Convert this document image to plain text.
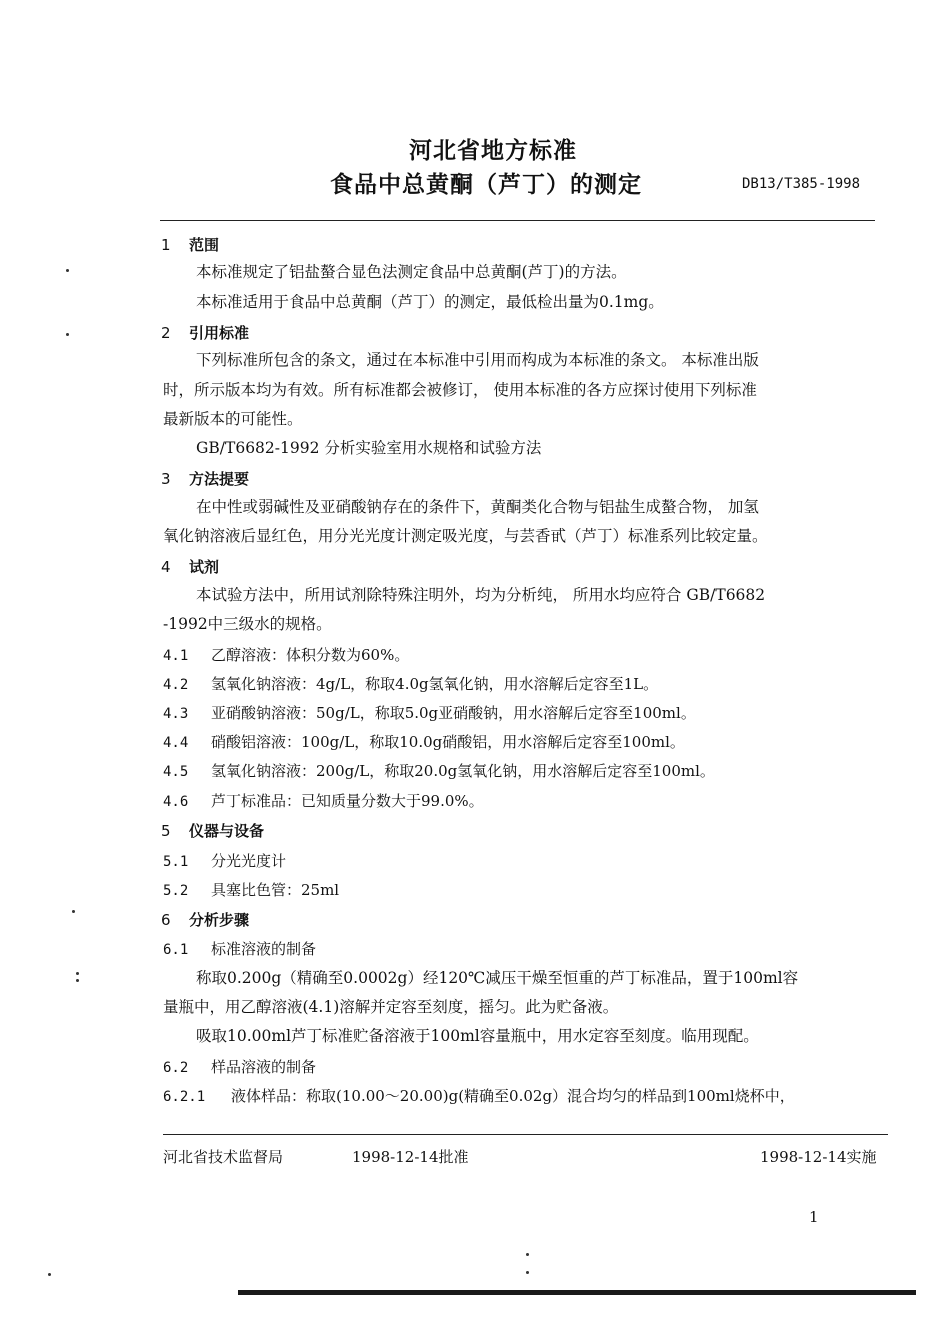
河北省地方标准
食品中总黄酮（芦丁）的测定	DB13/T385-1998
1 范围
本标准规定了铝盐螯合显色法测定食品中总黄酮(芦丁)的方法。
本标准适用于食品中总黄酮（芦丁）的测定，最低检出量为0.1mg。
2 引用标准
下列标准所包含的条文，通过在本标准中引用而构成为本标准的条文。 本标准出版
时，所示版本均为有效。所有标准都会被修订， 使用本标准的各方应探讨使用下列标准
最新版本的可能性。
GB/T6682-1992 分析实验室用水规格和试验方法
3 方法提要
在中性或弱碱性及亚硝酸钠存在的条件下，黄酮类化合物与铝盐生成螯合物， 加氢
氧化钠溶液后显红色，用分光光度计测定吸光度，与芸香甙（芦丁）标准系列比较定量。
4 试剂
本试验方法中，所用试剂除特殊注明外，均为分析纯， 所用水均应符合 GB/T6682
-1992中三级水的规格。
4.1 乙醇溶液：体积分数为60%。
4.2 氢氧化钠溶液：4g/L，称取4.0g氢氧化钠，用水溶解后定容至1L。
4.3 亚硝酸钠溶液：50g/L，称取5.0g亚硝酸钠，用水溶解后定容至100ml。
4.4 硝酸铝溶液：100g/L，称取10.0g硝酸铝，用水溶解后定容至100ml。
4.5 氢氧化钠溶液：200g/L，称取20.0g氢氧化钠，用水溶解后定容至100ml。
4.6 芦丁标准品：已知质量分数大于99.0%。
5 仪器与设备
5.1 分光光度计
5.2 具塞比色管：25ml
6 分析步骤
6.1 标准溶液的制备
称取0.200g（精确至0.0002g）经120℃减压干燥至恒重的芦丁标准品，置于100ml容
量瓶中，用乙醇溶液(4.1)溶解并定容至刻度，摇匀。此为贮备液。
吸取10.00ml芦丁标准贮备溶液于100ml容量瓶中，用水定容至刻度。临用现配。
6.2 样品溶液的制备
6.2.1 液体样品：称取(10.00～20.00)g(精确至0.02g）混合均匀的样品到100ml烧杯中，
河北省技术监督局	1998-12-14批准	1998-12-14实施
1
